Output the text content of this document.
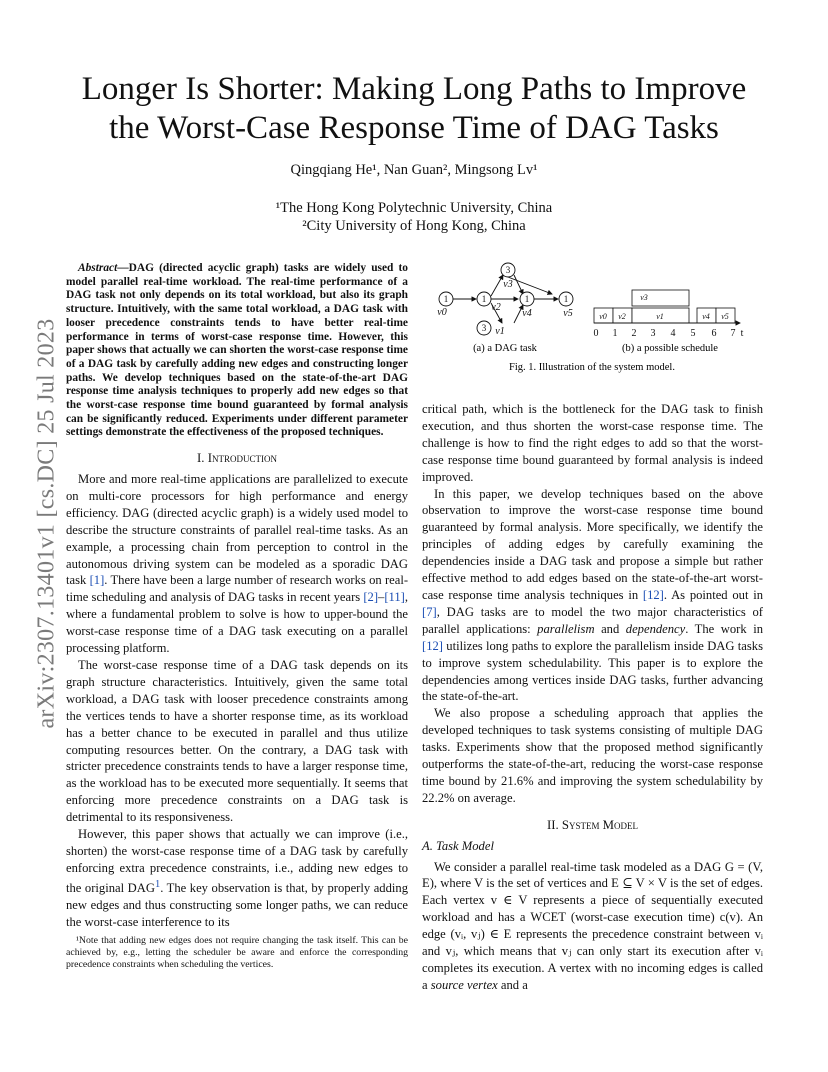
arXiv:2307.13401v1 [cs.DC] 25 Jul 2023
Longer Is Shorter: Making Long Paths to Improve
the Worst-Case Response Time of DAG Tasks
Qingqiang He¹, Nan Guan², Mingsong Lv¹
¹The Hong Kong Polytechnic University, China
²City University of Hong Kong, China
1
v0
1
v2
3
v3
3 v1
1
v4
1
v5
v3
v0 v2	v1	v4 v5
0 1 2 3 4 5 6 7 t
(a) a DAG task	(b) a possible schedule
Fig. 1. Illustration of the system model.

Abstract—DAG (directed acyclic graph) tasks are widely used to model parallel real-time workload. The real-time performance of a DAG task not only depends on its total workload, but also its graph structure. Intuitively, with the same total workload, a DAG task with looser precedence constraints tends to have better real-time performance in terms of worst-case response time. However, this paper shows that actually we can shorten the worst-case response time of a DAG task by carefully adding new edges and constructing longer paths. We develop techniques based on the state-of-the-art DAG response time analysis techniques to properly add new edges so that the worst-case response time bound guaranteed by formal analysis can be significantly reduced. Experiments under different parameter settings demonstrate the effectiveness of the proposed techniques.

I. Introduction

More and more real-time applications are parallelized to execute on multi-core processors for high performance and energy efficiency. DAG (directed acyclic graph) is a widely used model to describe the structure constraints of parallel real-time tasks. As an example, a processing chain from perception to control in the autonomous driving system can be modeled as a sporadic DAG task [1]. There have been a large number of research works on real-time scheduling and analysis of DAG tasks in recent years [2]–[11], where a fundamental problem to solve is how to upper-bound the worst-case response time of a DAG task executing on a parallel processing platform.

The worst-case response time of a DAG task depends on its graph structure characteristics. Intuitively, given the same total workload, a DAG task with looser precedence constraints among the vertices tends to have a shorter response time, as its workload has a better chance to be executed in parallel and thus utilize computing resources better. On the contrary, a DAG task with stricter precedence constraints tends to have a larger response time, as the workload has to be executed more sequentially. It seems that enforcing more precedence constraints on a DAG task is detrimental to its responsiveness.

However, this paper shows that actually we can improve (i.e., shorten) the worst-case response time of a DAG task by carefully enforcing extra precedence constraints, i.e., adding new edges to the original DAG$^1$. The key observation is that, by properly adding new edges and thus constructing some longer paths, we can reduce the worst-case interference to its

¹Note that adding new edges does not require changing the task itself. This can be achieved by, e.g., letting the scheduler be aware and enforce the corresponding precedence constraints when scheduling the vertices.

critical path, which is the bottleneck for the DAG task to finish execution, and thus shorten the worst-case response time. The challenge is how to find the right edges to add so that the worst-case response time bound guaranteed by formal analysis is indeed improved.

In this paper, we develop techniques based on the above observation to improve the worst-case response time bound guaranteed by formal analysis. More specifically, we identify the principles of adding edges by carefully examining the dependencies inside a DAG task and propose a simple but rather effective method to add edges based on the state-of-the-art worst-case response time analysis techniques in [12]. As pointed out in [7], DAG tasks are to model the two major characteristics of parallel applications: parallelism and dependency. The work in [12] utilizes long paths to explore the parallelism inside DAG tasks to improve system schedulability. This paper is to explore the dependencies among vertices inside DAG tasks, further advancing the state-of-the-art.

We also propose a scheduling approach that applies the developed techniques to task systems consisting of multiple DAG tasks. Experiments show that the proposed method significantly outperforms the state-of-the-art, reducing the worst-case response time bound by 21.6% and improving the system schedulability by 22.2% on average.

II. System Model
A. Task Model

We consider a parallel real-time task modeled as a DAG G = (V, E), where V is the set of vertices and E ⊆ V × V is the set of edges. Each vertex v ∈ V represents a piece of sequentially executed workload and has a WCET (worst-case execution time) c(v). An edge (vᵢ, vⱼ) ∈ E represents the precedence constraint between vᵢ and vⱼ, which means that vⱼ can only start its execution after vᵢ completes its execution. A vertex with no incoming edges is called a source vertex and a
